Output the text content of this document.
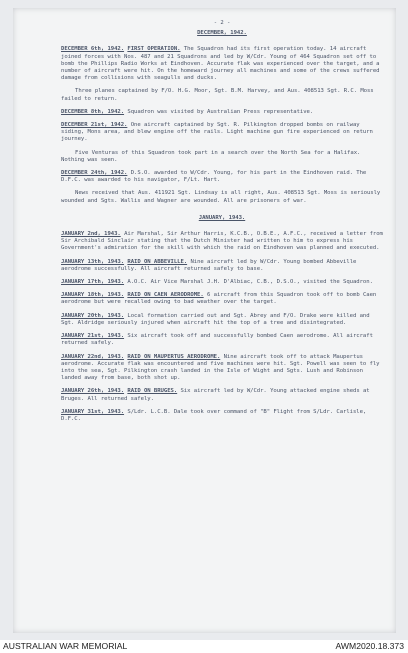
- 2 -
DECEMBER, 1942.

DECEMBER 6th, 1942.  FIRST OPERATION.  The Squadron had its first operation today. 14 aircraft joined forces with Nos. 487 and 21 Squadrons and led by W/Cdr. Young of 464 Squadron set off to bomb the Phillips Radio Works at Eindhoven. Accurate flak was experienced over the target, and a number of aircraft were hit. On the homeward journey all machines and some of the crews suffered damage from collisions with seagulls and ducks.

Three planes captained by F/O. H.G. Moor, Sgt. B.M. Harvey, and Aus. 408513 Sgt. R.C. Moss failed to return.

DECEMBER 8th, 1942.  Squadron was visited by Australian Press representative.

DECEMBER 21st, 1942.  One aircraft captained by Sgt. R. Pilkington dropped bombs on railway siding, Mons area, and blew engine off the rails. Light machine gun fire experienced on return journey.

Five Venturas of this Squadron took part in a search over the North Sea for a Halifax. Nothing was seen.

DECEMBER 24th, 1942.  D.S.O. awarded to W/Cdr. Young, for his part in the Eindhoven raid. The D.F.C. was awarded to his navigator, F/Lt. Hart.

News received that Aus. 411921 Sgt. Lindsay is all right, Aus. 408513 Sgt. Moss is seriously wounded and Sgts. Wallis and Wagner are wounded. All are prisoners of war.

JANUARY, 1943.

JANUARY 2nd, 1943.  Air Marshal, Sir Arthur Harris, K.C.B., O.B.E., A.F.C., received a letter from Sir Archibald Sinclair stating that the Dutch Minister had written to him to express his Government's admiration for the skill with which the raid on Eindhoven was planned and executed.

JANUARY 13th, 1943.  RAID ON ABBEVILLE.  Nine aircraft led by W/Cdr. Young bombed Abbeville aerodrome successfully. All aircraft returned safely to base.

JANUARY 17th, 1943.  A.O.C. Air Vice Marshal J.H. D'Albiac, C.B., D.S.O., visited the Squadron.

JANUARY 18th, 1943.  RAID ON CAEN AERODROME.  6 aircraft from this Squadron took off to bomb Caen aerodrome but were recalled owing to bad weather over the target.

JANUARY 20th, 1943.  Local formation carried out and Sgt. Abrey and F/O. Drake were killed and Sgt. Aldridge seriously injured when aircraft hit the top of a tree and disintegrated.

JANUARY 21st, 1943.  Six aircraft took off and successfully bombed Caen aerodrome. All aircraft returned safely.

JANUARY 22nd, 1943.  RAID ON MAUPERTUS AERODROME.  Nine aircraft took off to attack Maupertus aerodrome. Accurate flak was encountered and five machines were hit. Sgt. Powell was seen to fly into the sea, Sgt. Pilkington crash landed in the Isle of Wight and Sgts. Lush and Robinson landed away from base, both shot up.

JANUARY 26th, 1943.  RAID ON BRUGES.  Six aircraft led by W/Cdr. Young attacked engine sheds at Bruges. All returned safely.

JANUARY 31st, 1943.  S/Ldr. L.C.B. Dale took over command of "B" Flight from S/Ldr. Carlisle, D.F.C.

AUSTRALIAN WAR MEMORIAL	AWM2020.18.373
